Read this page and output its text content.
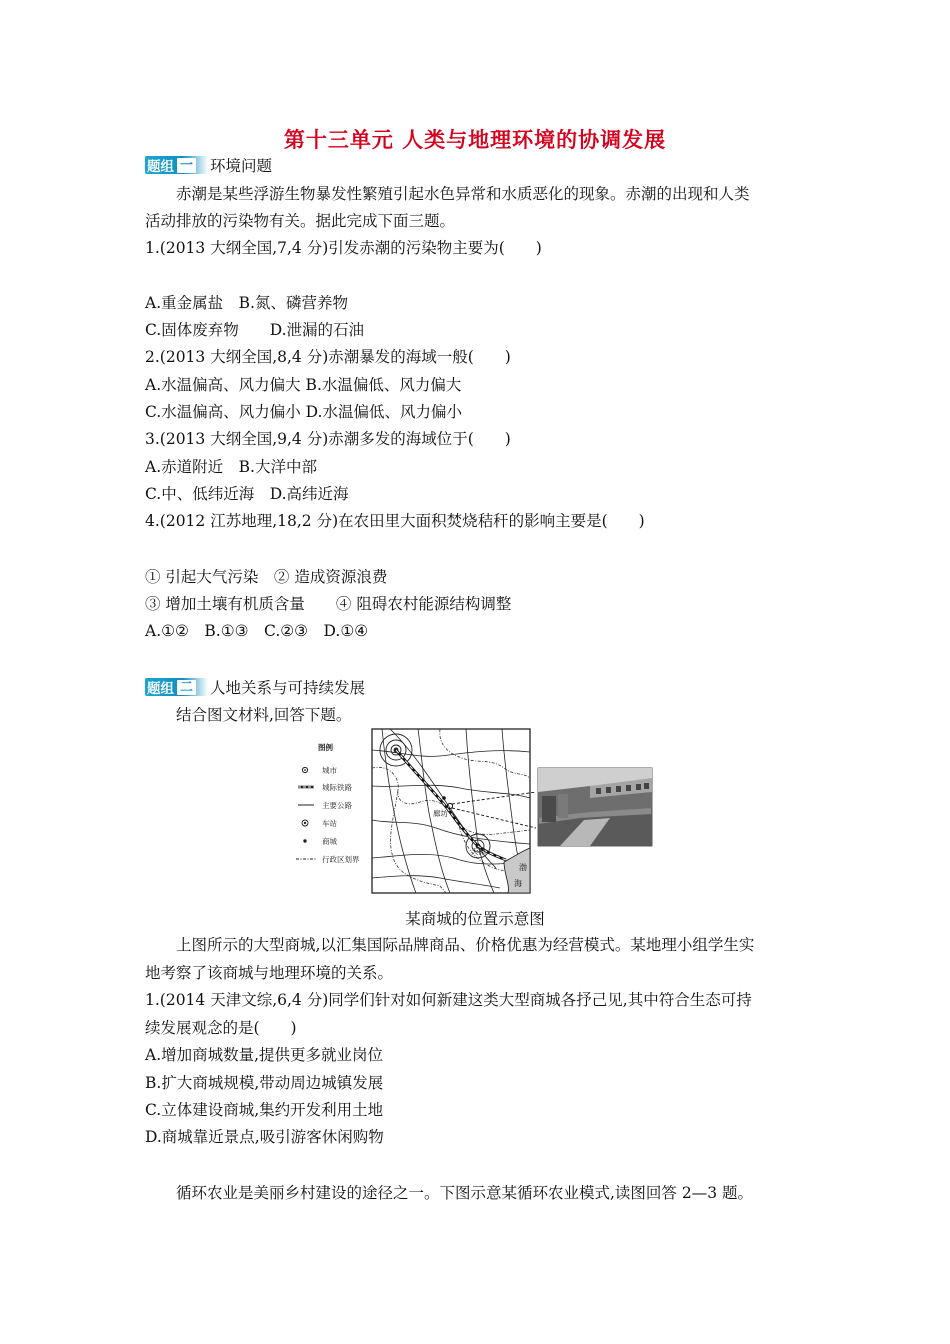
第十三单元 人类与地理环境的协调发展
题组 一 环境问题
赤潮是某些浮游生物暴发性繁殖引起水色异常和水质恶化的现象。赤潮的出现和人类
活动排放的污染物有关。据此完成下面三题。
1.(2013 大纲全国,7,4 分)引发赤潮的污染物主要为(　　)
A.重金属盐　B.氮、磷营养物
C.固体废弃物　　D.泄漏的石油
2.(2013 大纲全国,8,4 分)赤潮暴发的海域一般(　　)
A.水温偏高、风力偏大 B.水温偏低、风力偏大
C.水温偏高、风力偏小 D.水温偏低、风力偏小
3.(2013 大纲全国,9,4 分)赤潮多发的海域位于(　　)
A.赤道附近　B.大洋中部
C.中、低纬近海　D.高纬近海
4.(2012 江苏地理,18,2 分)在农田里大面积焚烧秸秆的影响主要是(　　)
① 引起大气污染　② 造成资源浪费
③ 增加土壤有机质含量　　④ 阻碍农村能源结构调整
A.①②　B.①③　C.②③　D.①④
题组 二 人地关系与可持续发展
结合图文材料,回答下题。
图例
城市
城际铁路
主要公路
车站
商城
行政区划界
廊坊
天津
渤
海
某商城的位置示意图
上图所示的大型商城,以汇集国际品牌商品、价格优惠为经营模式。某地理小组学生实
地考察了该商城与地理环境的关系。
1.(2014 天津文综,6,4 分)同学们针对如何新建这类大型商城各抒己见,其中符合生态可持
续发展观念的是(　　)
A.增加商城数量,提供更多就业岗位
B.扩大商城规模,带动周边城镇发展
C.立体建设商城,集约开发利用土地
D.商城靠近景点,吸引游客休闲购物
循环农业是美丽乡村建设的途径之一。下图示意某循环农业模式,读图回答 2—3 题。
